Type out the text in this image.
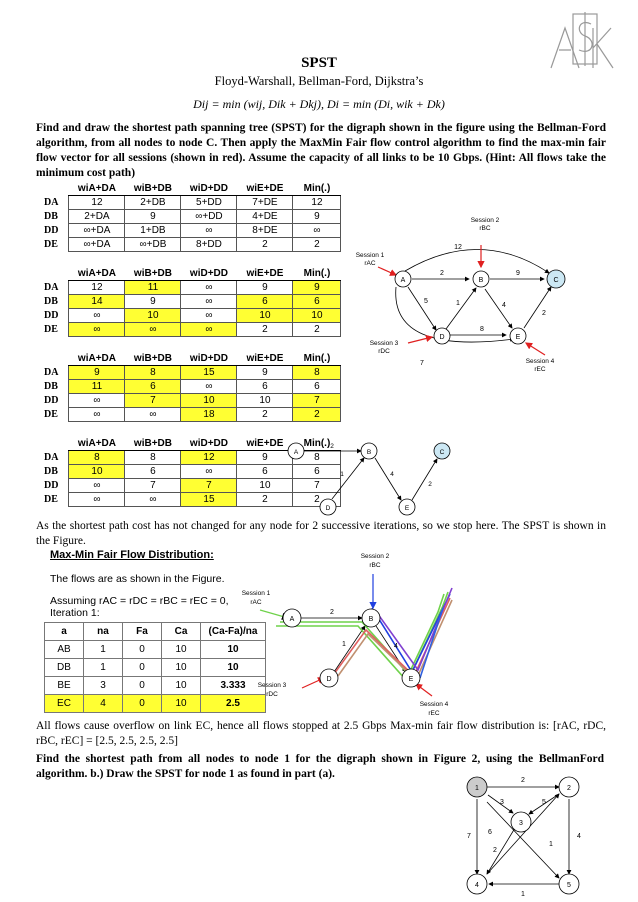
SPST
Floyd-Warshall, Bellman-Ford, Dijkstra’s
Dij = min (wij, Dik + Dkj), Di = min (Di, wik + Dk)
Find and draw the shortest path spanning tree (SPST) for the digraph shown in the figure using the Bellman-Ford algorithm, from all nodes to node C. Then apply the MaxMin Fair flow control algorithm to find the max-min fair flow vector for all sessions (shown in red). Assume the capacity of all links to be 10 Gbps. (Hint: All flows take the minimum cost path)
	wiA+DA	wiB+DB	wiD+DD	wiE+DE	Min(.)
DA	12	2+DB	5+DD	7+DE	12
DB	2+DA	9	∞+DD	4+DE	9
DD	∞+DA	1+DB	∞	8+DE	∞
DE	∞+DA	∞+DB	8+DD	2	2
	wiA+DA	wiB+DB	wiD+DD	wiE+DE	Min(.)
DA	12	11	∞	9	9
DB	14	9	∞	6	6
DD	∞	10	∞	10	10
DE	∞	∞	∞	2	2
	wiA+DA	wiB+DB	wiD+DD	wiE+DE	Min(.)
DA	9	8	15	9	8
DB	11	6	∞	6	6
DD	∞	7	10	10	7
DE	∞	∞	18	2	2
	wiA+DA	wiB+DB	wiD+DD	wiE+DE	Min(.)
DA	8	8	12	9	8
DB	10	6	∞	6	6
DD	∞	7	7	10	7
DE	∞	∞	15	2	2
A	B	C
D	E
2	9
12
5	1	4
2
8
7
Session 1
rAC
Session 2
rBC
Session 3
rDC
Session 4
rEC
A	B	C
D	E
2
1	4
2
As the shortest path cost has not changed for any node for 2 successive iterations, so we stop here. The SPST is shown in the Figure.
Max-Min Fair Flow Distribution:
The flows are as shown in the Figure.
Assuming rAC = rDC = rBC = rEC = 0,
Iteration 1:
a	na	Fa	Ca	(Ca-Fa)/na
AB	1	0	10	10
DB	1	0	10	10
BE	3	0	10	3.333
EC	4	0	10	2.5
A	B
D	E
2
1	4
Session 1
rAC
Session 2
rBC
Session 3
rDC
Session 4
rEC
All flows cause overflow on link EC, hence all flows stopped at 2.5 Gbps Max-min fair flow distribution is: [rAC, rDC, rBC, rEC] = [2.5, 2.5, 2.5, 2.5]
Find the shortest path from all nodes to node 1 for the digraph shown in Figure 2, using the BellmanFord algorithm. b.) Draw the SPST for node 1 as found in part (a).
1	2
3
4	5
2
3	5
6
7
2
1
4
1
